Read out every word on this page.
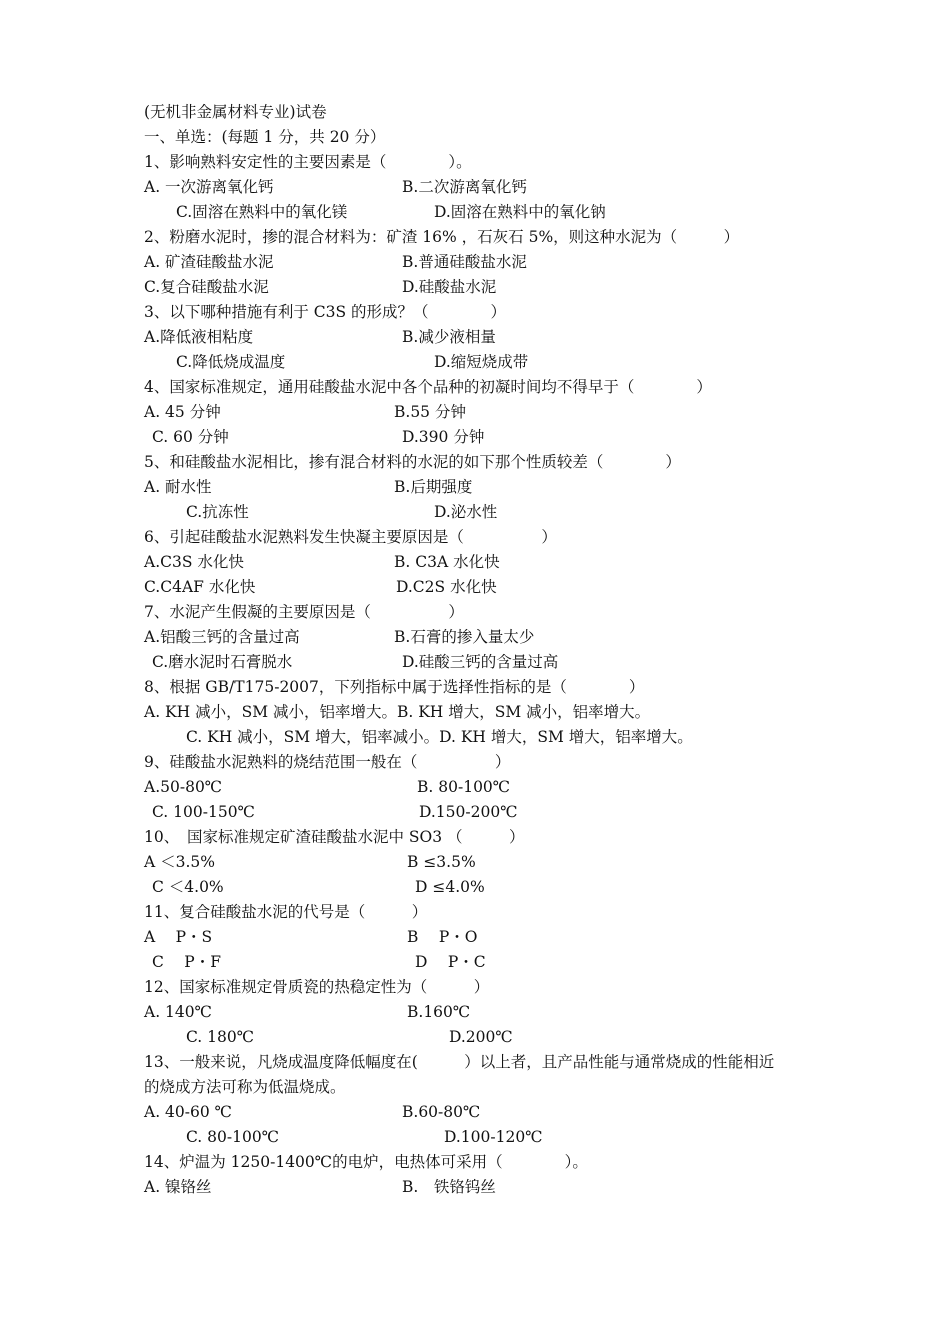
(无机非金属材料专业)试卷
一、单选：(每题 1 分，共 20 分）
1、影响熟料安定性的主要因素是（　　　　）。
A. 一次游离氧化钙	B.二次游离氧化钙
C.固溶在熟料中的氧化镁	D.固溶在熟料中的氧化钠
2、粉磨水泥时，掺的混合材料为：矿渣 16% ，石灰石 5%，则这种水泥为（　　　）
A. 矿渣硅酸盐水泥	B.普通硅酸盐水泥
C.复合硅酸盐水泥	D.硅酸盐水泥
3、以下哪种措施有利于 C3S 的形成？（　　　　）
A.降低液相粘度	B.减少液相量
C.降低烧成温度	D.缩短烧成带
4、国家标准规定，通用硅酸盐水泥中各个品种的初凝时间均不得早于（　　　　）
A. 45 分钟	B.55 分钟
C. 60 分钟	D.390 分钟
5、和硅酸盐水泥相比，掺有混合材料的水泥的如下那个性质较差（　　　　）
A. 耐水性	B.后期强度
C.抗冻性	D.泌水性
6、引起硅酸盐水泥熟料发生快凝主要原因是（　　　　　）
A.C3S 水化快	B. C3A 水化快
C.C4AF 水化快	D.C2S 水化快
7、水泥产生假凝的主要原因是（　　　　　）
A.铝酸三钙的含量过高	B.石膏的掺入量太少
C.磨水泥时石膏脱水	D.硅酸三钙的含量过高
8、根据 GB/T175-2007，下列指标中属于选择性指标的是（　　　　）
A. KH 减小，SM 减小，铝率增大。B. KH 增大，SM 减小，铝率增大。
C. KH 减小，SM 增大，铝率减小。D. KH 增大，SM 增大，铝率增大。
9、硅酸盐水泥熟料的烧结范围一般在（　　　　　）
A.50-80℃	B. 80-100℃
C. 100-150℃	D.150-200℃
10、　国家标准规定矿渣硅酸盐水泥中 SO3 （　　　）
A ＜3.5%	B ≤3.5%
C ＜4.0%	D ≤4.0%
11、复合硅酸盐水泥的代号是（　　　）
A　 P・S	B　 P・O
C　 P・F	D　 P・C
12、国家标准规定骨质瓷的热稳定性为（　　　）
A. 140℃	B.160℃
C. 180℃	D.200℃
13、一般来说，凡烧成温度降低幅度在(　　　）以上者，且产品性能与通常烧成的性能相近
的烧成方法可称为低温烧成。
A. 40-60 ℃	B.60-80℃
C. 80-100℃	D.100-120℃
14、炉温为 1250-1400℃的电炉，电热体可采用（　　　　）。
A. 镍铬丝	B.　铁铬钨丝
